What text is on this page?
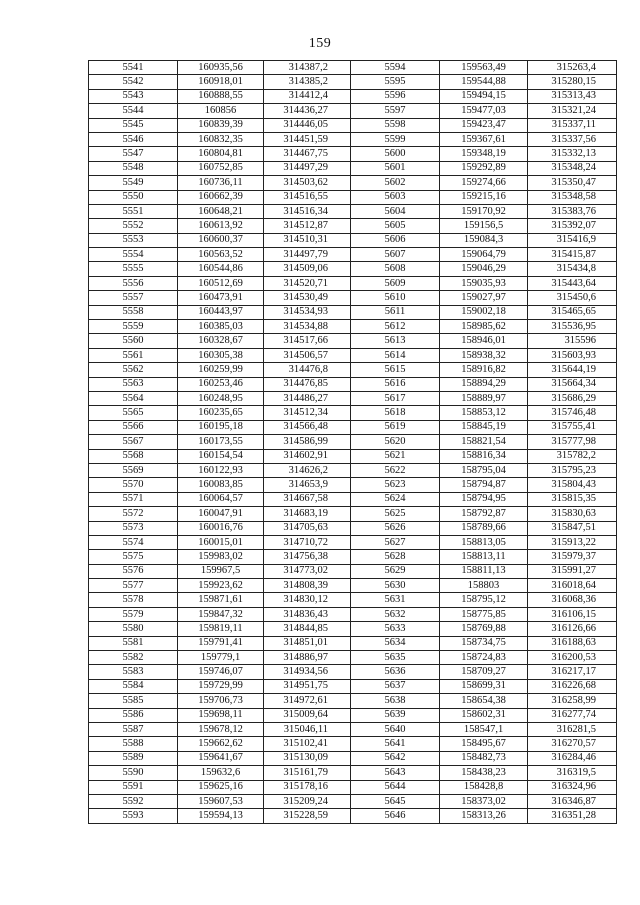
159
5541	160935,56	314387,2	5594	159563,49	315263,4
5542	160918,01	314385,2	5595	159544,88	315280,15
5543	160888,55	314412,4	5596	159494,15	315313,43
5544	160856	314436,27	5597	159477,03	315321,24
5545	160839,39	314446,05	5598	159423,47	315337,11
5546	160832,35	314451,59	5599	159367,61	315337,56
5547	160804,81	314467,75	5600	159348,19	315332,13
5548	160752,85	314497,29	5601	159292,89	315348,24
5549	160736,11	314503,62	5602	159274,66	315350,47
5550	160662,39	314516,55	5603	159215,16	315348,58
5551	160648,21	314516,34	5604	159170,92	315383,76
5552	160613,92	314512,87	5605	159156,5	315392,07
5553	160600,37	314510,31	5606	159084,3	315416,9
5554	160563,52	314497,79	5607	159064,79	315415,87
5555	160544,86	314509,06	5608	159046,29	315434,8
5556	160512,69	314520,71	5609	159035,93	315443,64
5557	160473,91	314530,49	5610	159027,97	315450,6
5558	160443,97	314534,93	5611	159002,18	315465,65
5559	160385,03	314534,88	5612	158985,62	315536,95
5560	160328,67	314517,66	5613	158946,01	315596
5561	160305,38	314506,57	5614	158938,32	315603,93
5562	160259,99	314476,8	5615	158916,82	315644,19
5563	160253,46	314476,85	5616	158894,29	315664,34
5564	160248,95	314486,27	5617	158889,97	315686,29
5565	160235,65	314512,34	5618	158853,12	315746,48
5566	160195,18	314566,48	5619	158845,19	315755,41
5567	160173,55	314586,99	5620	158821,54	315777,98
5568	160154,54	314602,91	5621	158816,34	315782,2
5569	160122,93	314626,2	5622	158795,04	315795,23
5570	160083,85	314653,9	5623	158794,87	315804,43
5571	160064,57	314667,58	5624	158794,95	315815,35
5572	160047,91	314683,19	5625	158792,87	315830,63
5573	160016,76	314705,63	5626	158789,66	315847,51
5574	160015,01	314710,72	5627	158813,05	315913,22
5575	159983,02	314756,38	5628	158813,11	315979,37
5576	159967,5	314773,02	5629	158811,13	315991,27
5577	159923,62	314808,39	5630	158803	316018,64
5578	159871,61	314830,12	5631	158795,12	316068,36
5579	159847,32	314836,43	5632	158775,85	316106,15
5580	159819,11	314844,85	5633	158769,88	316126,66
5581	159791,41	314851,01	5634	158734,75	316188,63
5582	159779,1	314886,97	5635	158724,83	316200,53
5583	159746,07	314934,56	5636	158709,27	316217,17
5584	159729,99	314951,75	5637	158699,31	316226,68
5585	159706,73	314972,61	5638	158654,38	316258,99
5586	159698,11	315009,64	5639	158602,31	316277,74
5587	159678,12	315046,11	5640	158547,1	316281,5
5588	159662,62	315102,41	5641	158495,67	316270,57
5589	159641,67	315130,09	5642	158482,73	316284,46
5590	159632,6	315161,79	5643	158438,23	316319,5
5591	159625,16	315178,16	5644	158428,8	316324,96
5592	159607,53	315209,24	5645	158373,02	316346,87
5593	159594,13	315228,59	5646	158313,26	316351,28
